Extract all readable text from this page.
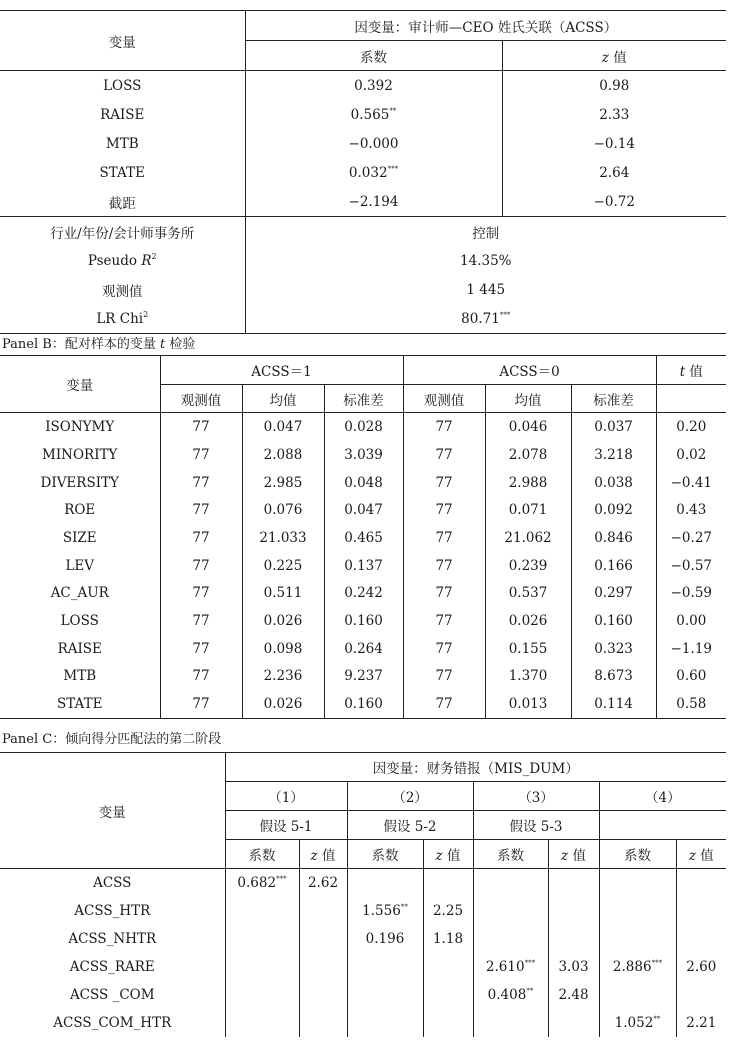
变量	因变量：审计师—CEO 姓氏关联（ACSS）	
	系数	z 值
LOSS	0.392	0.98
RAISE	0.565**	2.33
MTB	−0.000	−0.14
STATE	0.032***	2.64
截距	−2.194	−0.72
行业/年份/会计师事务所	控制	
Pseudo $R^2$	14.35%	
观测值	1 445	
LR Chi$^2$	80.71***
Panel B：配对样本的变量 t 检验
变量	ACSS＝1			ACSS＝0			t 值
	观测值	均值	标准差	观测值	均值	标准差	
ISONYMY	77	0.047	0.028	77	0.046	0.037	0.20
MINORITY	77	2.088	3.039	77	2.078	3.218	0.02
DIVERSITY	77	2.985	0.048	77	2.988	0.038	−0.41
ROE	77	0.076	0.047	77	0.071	0.092	0.43
SIZE	77	21.033	0.465	77	21.062	0.846	−0.27
LEV	77	0.225	0.137	77	0.239	0.166	−0.57
AC_AUR	77	0.511	0.242	77	0.537	0.297	−0.59
LOSS	77	0.026	0.160	77	0.026	0.160	0.00
RAISE	77	0.098	0.264	77	0.155	0.323	−1.19
MTB	77	2.236	9.237	77	1.370	8.673	0.60
STATE	77	0.026	0.160	77	0.013	0.114	0.58
Panel C：倾向得分匹配法的第二阶段
变量	因变量：财务错报（MIS_DUM）							
	（1）		（2）		（3）		（4）	
	假设 5-1		假设 5-2		假设 5-3			
	系数	z 值	系数	z 值	系数	z 值	系数	z 值
ACSS	0.682***	2.62						
ACSS_HTR			1.556**	2.25				
ACSS_NHTR			0.196	1.18				
ACSS_RARE					2.610***	3.03	2.886***	2.60
ACSS _COM					0.408**	2.48		
ACSS_COM_HTR							1.052**	2.21
